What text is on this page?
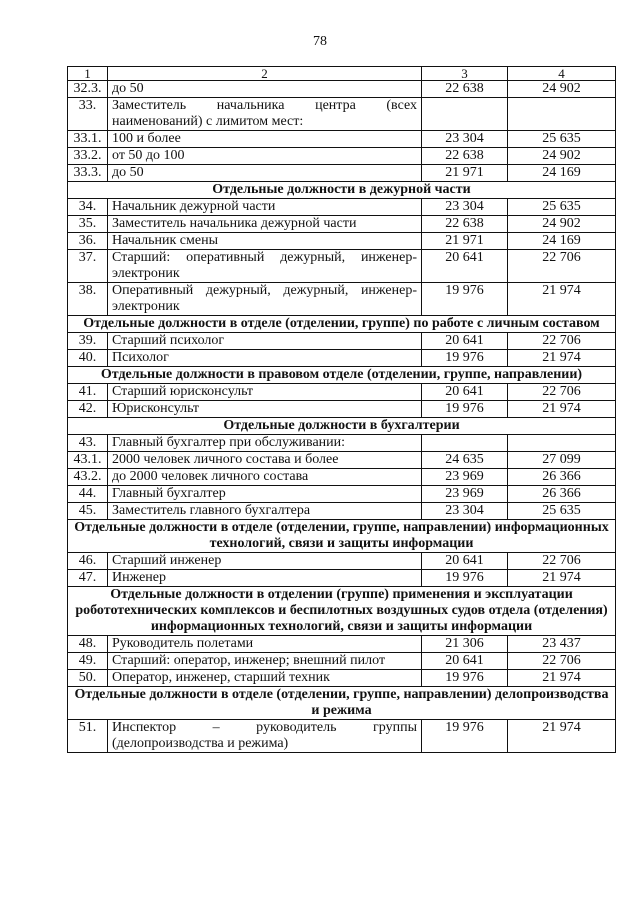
78
1	2	3	4
32.3.	до 50	22 638	24 902
33.	Заместитель начальника центра (всех наименований) с лимитом мест:		
33.1.	100 и более	23 304	25 635
33.2.	от 50 до 100	22 638	24 902
33.3.	до 50	21 971	24 169
Отдельные должности в дежурной части			
34.	Начальник дежурной части	23 304	25 635
35.	Заместитель начальника дежурной части	22 638	24 902
36.	Начальник смены	21 971	24 169
37.	Старший: оперативный дежурный, инженер-электроник	20 641	22 706
38.	Оперативный дежурный, дежурный, инженер-электроник	19 976	21 974
Отдельные должности в отделе (отделении, группе) по работе с личным составом			
39.	Старший психолог	20 641	22 706
40.	Психолог	19 976	21 974
Отдельные должности в правовом отделе (отделении, группе, направлении)			
41.	Старший юрисконсульт	20 641	22 706
42.	Юрисконсульт	19 976	21 974
Отдельные должности в бухгалтерии			
43.	Главный бухгалтер при обслуживании:		
43.1.	2000 человек личного состава и более	24 635	27 099
43.2.	до 2000 человек личного состава	23 969	26 366
44.	Главный бухгалтер	23 969	26 366
45.	Заместитель главного бухгалтера	23 304	25 635
Отдельные должности в отделе (отделении, группе, направлении) информационных технологий, связи и защиты информации			
46.	Старший инженер	20 641	22 706
47.	Инженер	19 976	21 974
Отдельные должности в отделении (группе) применения и эксплуатации робототехнических комплексов и беспилотных воздушных судов отдела (отделения) информационных технологий, связи и защиты информации			
48.	Руководитель полетами	21 306	23 437
49.	Старший: оператор, инженер; внешний пилот	20 641	22 706
50.	Оператор, инженер, старший техник	19 976	21 974
Отдельные должности в отделе (отделении, группе, направлении) делопроизводства и режима			
51.	Инспектор – руководитель группы (делопроизводства и режима)	19 976	21 974
